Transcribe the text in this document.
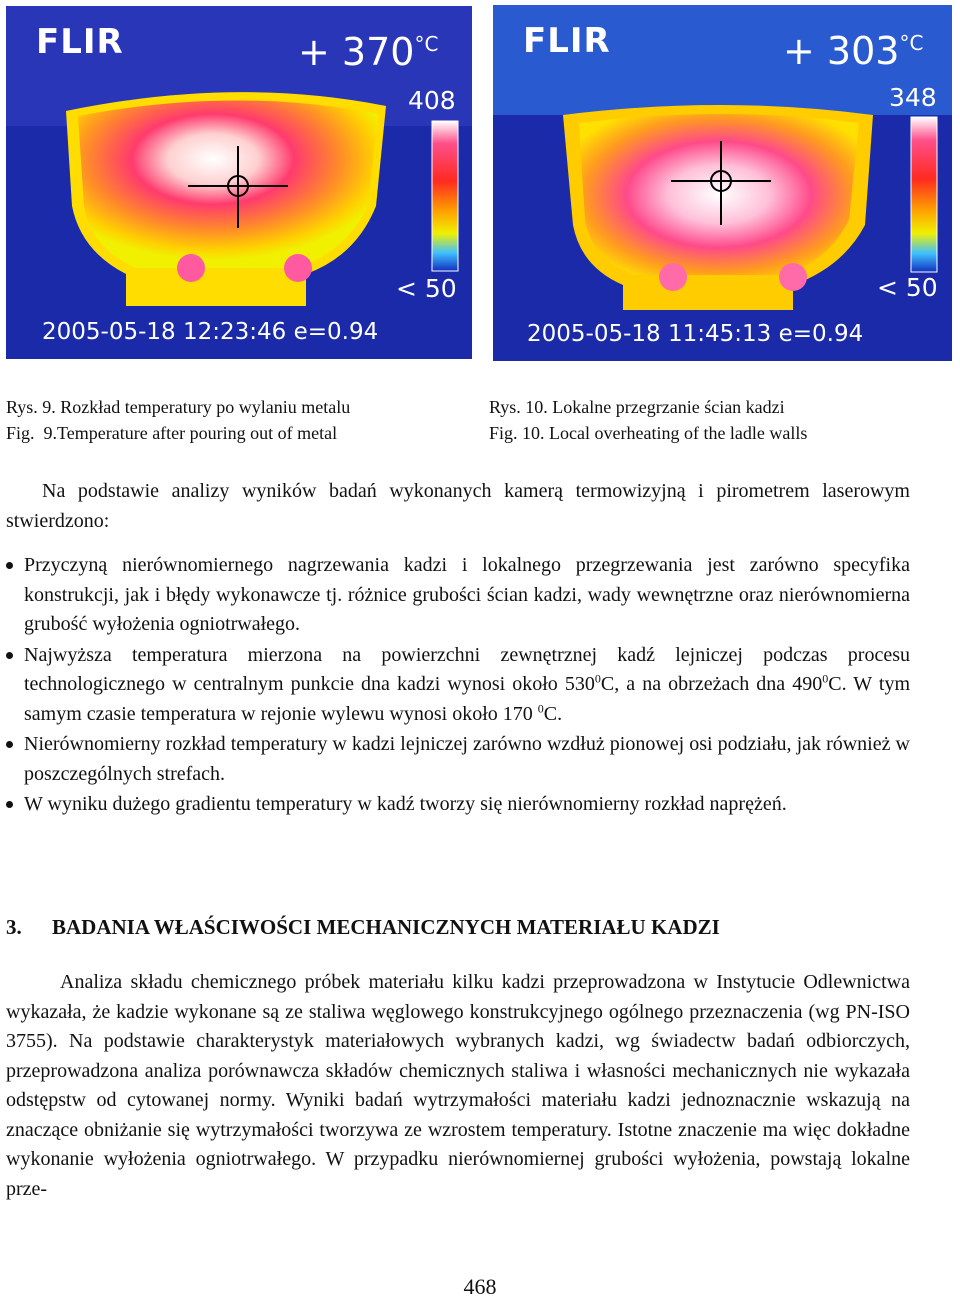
FLIR	+ $370^{^\circ C}$
408
< 50
2005-05-18 12:23:46 e=0.94
FLIR	+ $303^{^\circ C}$
348
< 50
2005-05-18 11:45:13 e=0.94
Rys. 9. Rozkład temperatury po wylaniu metalu
Fig.  9.Temperature after pouring out of metal
Rys. 10. Lokalne przegrzanie ścian kadzi
Fig. 10. Local overheating of the ladle walls
Na podstawie analizy wyników badań wykonanych kamerą termowizyjną i pirometrem laserowym stwierdzono:
Przyczyną nierównomiernego nagrzewania kadzi i lokalnego przegrzewania jest zarówno specyfika konstrukcji, jak i błędy wykonawcze tj. różnice grubości ścian kadzi, wady wewnętrzne oraz nierównomierna grubość wyłożenia ogniotrwałego.
Najwyższa temperatura mierzona na powierzchni zewnętrznej kadź lejniczej podczas procesu technologicznego w centralnym punkcie dna kadzi wynosi około $530^0C$, a na obrzeżach dna $490^0C$. W tym samym czasie temperatura w rejonie wylewu wynosi około 170 $^0$C.
Nierównomierny rozkład temperatury w kadzi lejniczej zarówno wzdłuż pionowej osi podziału, jak również w poszczególnych strefach.
W wyniku dużego gradientu temperatury w kadź tworzy się nierównomierny rozkład naprężeń.
3. BADANIA WŁAŚCIWOŚCI MECHANICZNYCH MATERIAŁU KADZI
Analiza składu chemicznego próbek materiału kilku kadzi przeprowadzona w Instytucie Odlewnictwa wykazała, że kadzie wykonane są ze staliwa węglowego konstrukcyjnego ogólnego przeznaczenia (wg PN-ISO 3755). Na podstawie charakterystyk materiałowych wybranych kadzi, wg świadectw badań odbiorczych, przeprowadzona analiza porównawcza składów chemicznych staliwa i własności mechanicznych nie wykazała odstępstw od cytowanej normy. Wyniki badań wytrzymałości materiału kadzi jednoznacznie wskazują na znaczące obniżanie się wytrzymałości tworzywa ze wzrostem temperatury. Istotne znaczenie ma więc dokładne wykonanie wyłożenia ogniotrwałego. W przypadku nierównomiernej grubości wyłożenia, powstają lokalne prze-
468
